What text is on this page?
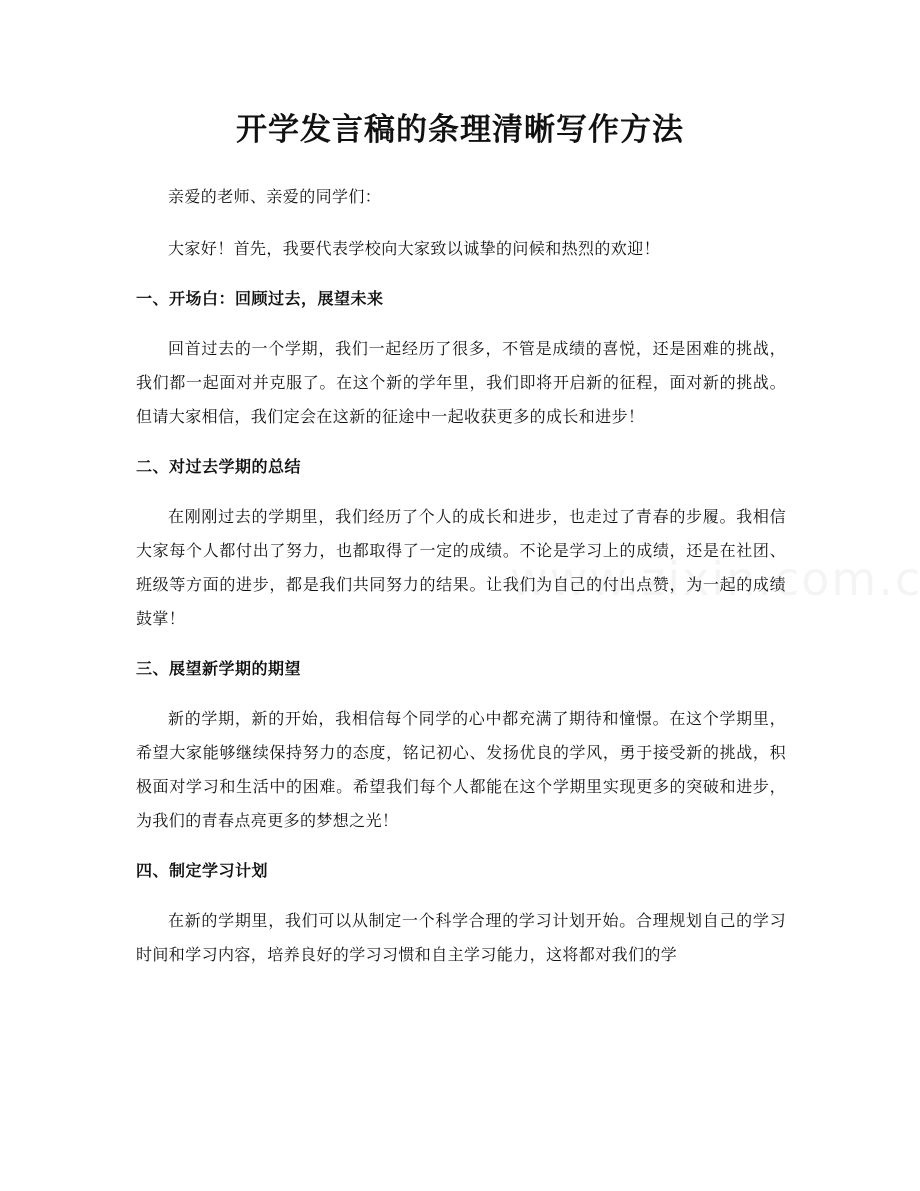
开学发言稿的条理清晰写作方法

亲爱的老师、亲爱的同学们：

大家好！首先，我要代表学校向大家致以诚挚的问候和热烈的欢迎！

一、开场白：回顾过去，展望未来

回首过去的一个学期，我们一起经历了很多，不管是成绩的喜悦，还是困难的挑战，我们都一起面对并克服了。在这个新的学年里，我们即将开启新的征程，面对新的挑战。但请大家相信，我们定会在这新的征途中一起收获更多的成长和进步！

二、对过去学期的总结

在刚刚过去的学期里，我们经历了个人的成长和进步，也走过了青春的步履。我相信大家每个人都付出了努力，也都取得了一定的成绩。不论是学习上的成绩，还是在社团、班级等方面的进步，都是我们共同努力的结果。让我们为自己的付出点赞，为一起的成绩鼓掌！

三、展望新学期的期望

新的学期，新的开始，我相信每个同学的心中都充满了期待和憧憬。在这个学期里，希望大家能够继续保持努力的态度，铭记初心、发扬优良的学风，勇于接受新的挑战，积极面对学习和生活中的困难。希望我们每个人都能在这个学期里实现更多的突破和进步，为我们的青春点亮更多的梦想之光！

四、制定学习计划

在新的学期里，我们可以从制定一个科学合理的学习计划开始。合理规划自己的学习时间和学习内容，培养良好的学习习惯和自主学习能力，这将都对我们的学
